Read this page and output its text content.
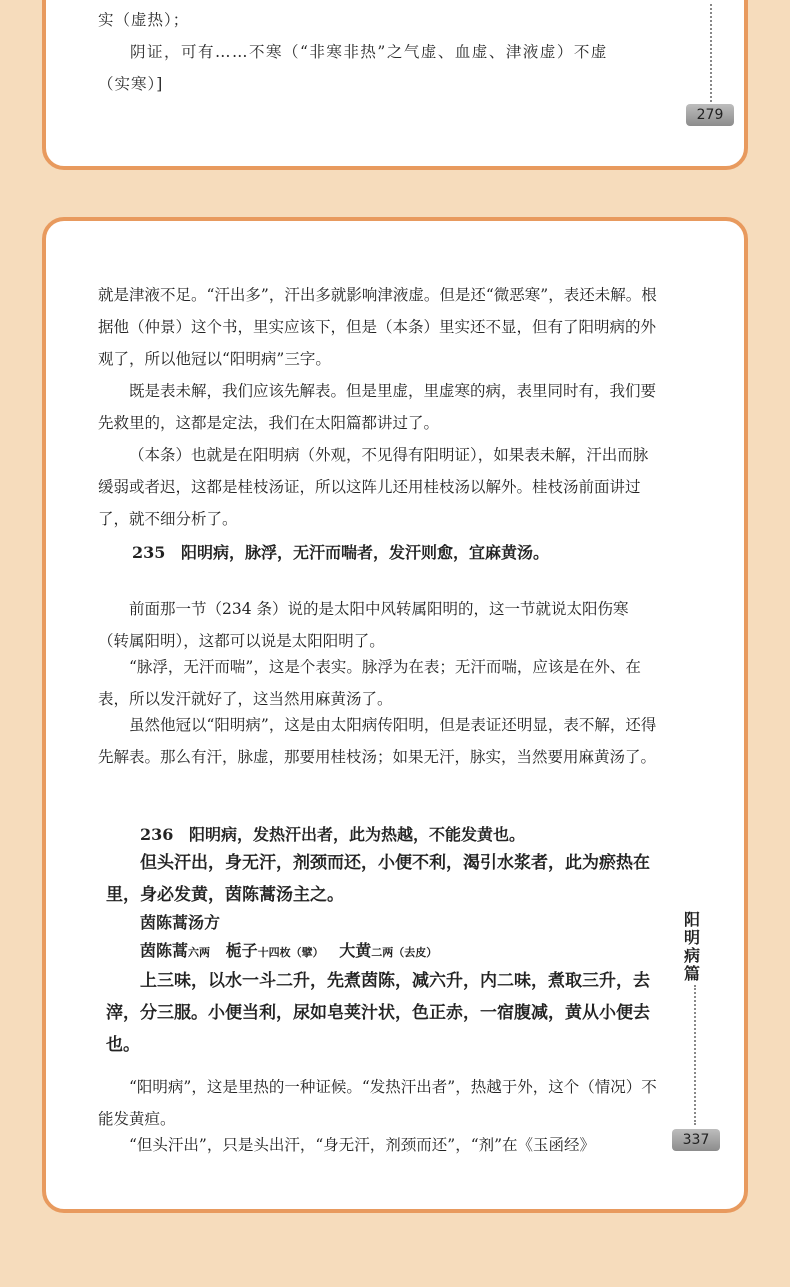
实（虚热）；
阴证，可有……不寒（“非寒非热”之气虚、血虚、津液虚）不虚
（实寒）]
279

就是津液不足。“汗出多”，汗出多就影响津液虚。但是还“微恶寒”，表还未解。根据他（仲景）这个书，里实应该下，但是（本条）里实还不显，但有了阳明病的外观了，所以他冠以“阳明病”三字。

既是表未解，我们应该先解表。但是里虚，里虚寒的病，表里同时有，我们要先救里的，这都是定法，我们在太阳篇都讲过了。

（本条）也就是在阳明病（外观，不见得有阳明证），如果表未解，汗出而脉缓弱或者迟，这都是桂枝汤证，所以这阵儿还用桂枝汤以解外。桂枝汤前面讲过了，就不细分析了。

235 阳明病，脉浮，无汗而喘者，发汗则愈，宜麻黄汤。

前面那一节（234 条）说的是太阳中风转属阳明的，这一节就说太阳伤寒（转属阳明），这都可以说是太阳阳明了。

“脉浮，无汗而喘”，这是个表实。脉浮为在表；无汗而喘，应该是在外、在表，所以发汗就好了，这当然用麻黄汤了。

虽然他冠以“阳明病”，这是由太阳病传阳明，但是表证还明显，表不解，还得先解表。那么有汗，脉虚，那要用桂枝汤；如果无汗，脉实，当然要用麻黄汤了。

236 阳明病，发热汗出者，此为热越，不能发黄也。

但头汗出，身无汗，剂颈而还，小便不利，渴引水浆者，此为瘀热在里，身必发黄，茵陈蒿汤主之。

茵陈蒿汤方
茵陈蒿六两 栀子十四枚（擘） 大黄二两（去皮）

上三味，以水一斗二升，先煮茵陈，减六升，内二味，煮取三升，去滓，分三服。小便当利，尿如皂荚汁状，色正赤，一宿腹减，黄从小便去也。

“阳明病”，这是里热的一种证候。“发热汗出者”，热越于外，这个（情况）不能发黄疸。

“但头汗出”，只是头出汗，“身无汗，剂颈而还”，“剂”在《玉函经》

阳
明
病
篇
337
